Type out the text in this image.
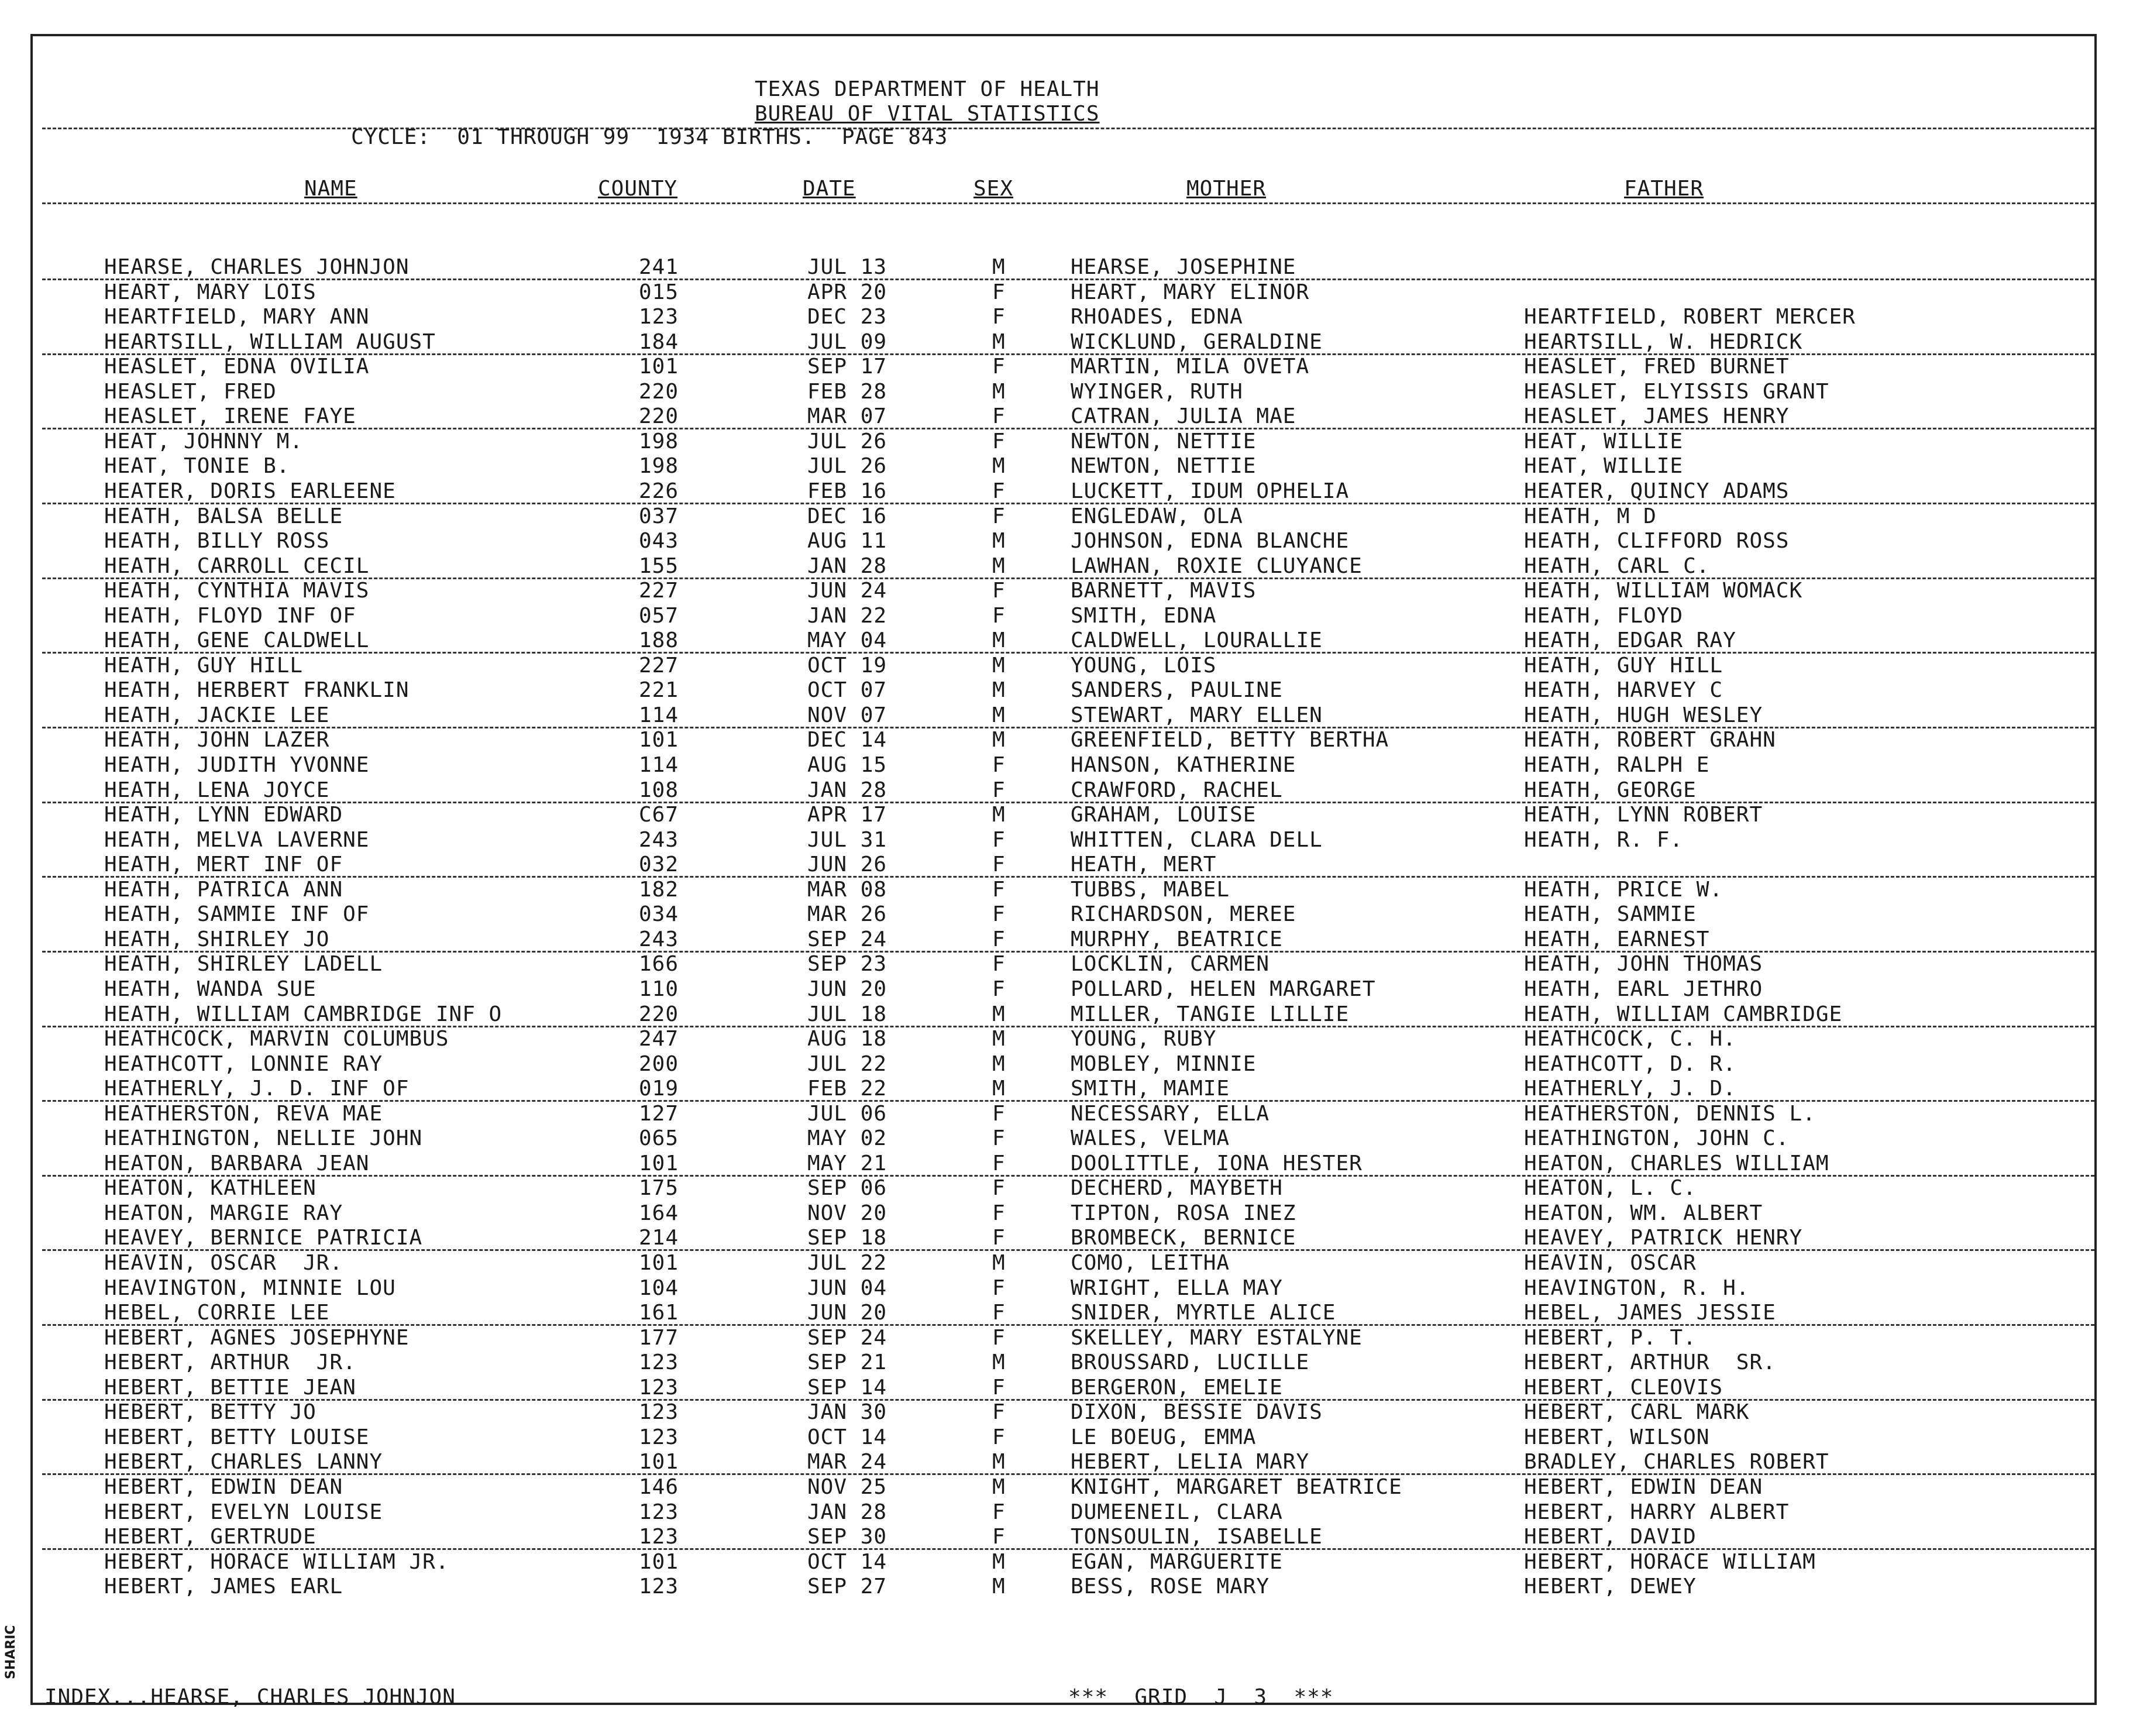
TEXAS DEPARTMENT OF HEALTH
BUREAU OF VITAL STATISTICS
CYCLE:  01 THROUGH 99  1934 BIRTHS.  PAGE 843
NAME	COUNTY	DATE	SEX	MOTHER	FATHER
HEARSE, CHARLES JOHNJON	241	JUL 13	M	HEARSE, JOSEPHINE
HEART, MARY LOIS	015	APR 20	F	HEART, MARY ELINOR
HEARTFIELD, MARY ANN	123	DEC 23	F	RHOADES, EDNA	HEARTFIELD, ROBERT MERCER
HEARTSILL, WILLIAM AUGUST	184	JUL 09	M	WICKLUND, GERALDINE	HEARTSILL, W. HEDRICK
HEASLET, EDNA OVILIA	101	SEP 17	F	MARTIN, MILA OVETA	HEASLET, FRED BURNET
HEASLET, FRED	220	FEB 28	M	WYINGER, RUTH	HEASLET, ELYISSIS GRANT
HEASLET, IRENE FAYE	220	MAR 07	F	CATRAN, JULIA MAE	HEASLET, JAMES HENRY
HEAT, JOHNNY M.	198	JUL 26	F	NEWTON, NETTIE	HEAT, WILLIE
HEAT, TONIE B.	198	JUL 26	M	NEWTON, NETTIE	HEAT, WILLIE
HEATER, DORIS EARLEENE	226	FEB 16	F	LUCKETT, IDUM OPHELIA	HEATER, QUINCY ADAMS
HEATH, BALSA BELLE	037	DEC 16	F	ENGLEDAW, OLA	HEATH, M D
HEATH, BILLY ROSS	043	AUG 11	M	JOHNSON, EDNA BLANCHE	HEATH, CLIFFORD ROSS
HEATH, CARROLL CECIL	155	JAN 28	M	LAWHAN, ROXIE CLUYANCE	HEATH, CARL C.
HEATH, CYNTHIA MAVIS	227	JUN 24	F	BARNETT, MAVIS	HEATH, WILLIAM WOMACK
HEATH, FLOYD INF OF	057	JAN 22	F	SMITH, EDNA	HEATH, FLOYD
HEATH, GENE CALDWELL	188	MAY 04	M	CALDWELL, LOURALLIE	HEATH, EDGAR RAY
HEATH, GUY HILL	227	OCT 19	M	YOUNG, LOIS	HEATH, GUY HILL
HEATH, HERBERT FRANKLIN	221	OCT 07	M	SANDERS, PAULINE	HEATH, HARVEY C
HEATH, JACKIE LEE	114	NOV 07	M	STEWART, MARY ELLEN	HEATH, HUGH WESLEY
HEATH, JOHN LAZER	101	DEC 14	M	GREENFIELD, BETTY BERTHA	HEATH, ROBERT GRAHN
HEATH, JUDITH YVONNE	114	AUG 15	F	HANSON, KATHERINE	HEATH, RALPH E
HEATH, LENA JOYCE	108	JAN 28	F	CRAWFORD, RACHEL	HEATH, GEORGE
HEATH, LYNN EDWARD	C67	APR 17	M	GRAHAM, LOUISE	HEATH, LYNN ROBERT
HEATH, MELVA LAVERNE	243	JUL 31	F	WHITTEN, CLARA DELL	HEATH, R. F.
HEATH, MERT INF OF	032	JUN 26	F	HEATH, MERT
HEATH, PATRICA ANN	182	MAR 08	F	TUBBS, MABEL	HEATH, PRICE W.
HEATH, SAMMIE INF OF	034	MAR 26	F	RICHARDSON, MEREE	HEATH, SAMMIE
HEATH, SHIRLEY JO	243	SEP 24	F	MURPHY, BEATRICE	HEATH, EARNEST
HEATH, SHIRLEY LADELL	166	SEP 23	F	LOCKLIN, CARMEN	HEATH, JOHN THOMAS
HEATH, WANDA SUE	110	JUN 20	F	POLLARD, HELEN MARGARET	HEATH, EARL JETHRO
HEATH, WILLIAM CAMBRIDGE INF O	220	JUL 18	M	MILLER, TANGIE LILLIE	HEATH, WILLIAM CAMBRIDGE
HEATHCOCK, MARVIN COLUMBUS	247	AUG 18	M	YOUNG, RUBY	HEATHCOCK, C. H.
HEATHCOTT, LONNIE RAY	200	JUL 22	M	MOBLEY, MINNIE	HEATHCOTT, D. R.
HEATHERLY, J. D. INF OF	019	FEB 22	M	SMITH, MAMIE	HEATHERLY, J. D.
HEATHERSTON, REVA MAE	127	JUL 06	F	NECESSARY, ELLA	HEATHERSTON, DENNIS L.
HEATHINGTON, NELLIE JOHN	065	MAY 02	F	WALES, VELMA	HEATHINGTON, JOHN C.
HEATON, BARBARA JEAN	101	MAY 21	F	DOOLITTLE, IONA HESTER	HEATON, CHARLES WILLIAM
HEATON, KATHLEEN	175	SEP 06	F	DECHERD, MAYBETH	HEATON, L. C.
HEATON, MARGIE RAY	164	NOV 20	F	TIPTON, ROSA INEZ	HEATON, WM. ALBERT
HEAVEY, BERNICE PATRICIA	214	SEP 18	F	BROMBECK, BERNICE	HEAVEY, PATRICK HENRY
HEAVIN, OSCAR  JR.	101	JUL 22	M	COMO, LEITHA	HEAVIN, OSCAR
HEAVINGTON, MINNIE LOU	104	JUN 04	F	WRIGHT, ELLA MAY	HEAVINGTON, R. H.
HEBEL, CORRIE LEE	161	JUN 20	F	SNIDER, MYRTLE ALICE	HEBEL, JAMES JESSIE
HEBERT, AGNES JOSEPHYNE	177	SEP 24	F	SKELLEY, MARY ESTALYNE	HEBERT, P. T.
HEBERT, ARTHUR  JR.	123	SEP 21	M	BROUSSARD, LUCILLE	HEBERT, ARTHUR  SR.
HEBERT, BETTIE JEAN	123	SEP 14	F	BERGERON, EMELIE	HEBERT, CLEOVIS
HEBERT, BETTY JO	123	JAN 30	F	DIXON, BESSIE DAVIS	HEBERT, CARL MARK
HEBERT, BETTY LOUISE	123	OCT 14	F	LE BOEUG, EMMA	HEBERT, WILSON
HEBERT, CHARLES LANNY	101	MAR 24	M	HEBERT, LELIA MARY	BRADLEY, CHARLES ROBERT
HEBERT, EDWIN DEAN	146	NOV 25	M	KNIGHT, MARGARET BEATRICE	HEBERT, EDWIN DEAN
HEBERT, EVELYN LOUISE	123	JAN 28	F	DUMEENEIL, CLARA	HEBERT, HARRY ALBERT
HEBERT, GERTRUDE	123	SEP 30	F	TONSOULIN, ISABELLE	HEBERT, DAVID
HEBERT, HORACE WILLIAM JR.	101	OCT 14	M	EGAN, MARGUERITE	HEBERT, HORACE WILLIAM
HEBERT, JAMES EARL	123	SEP 27	M	BESS, ROSE MARY	HEBERT, DEWEY
INDEX...HEARSE, CHARLES JOHNJON	***  GRID  J  3  ***
SHARIC
